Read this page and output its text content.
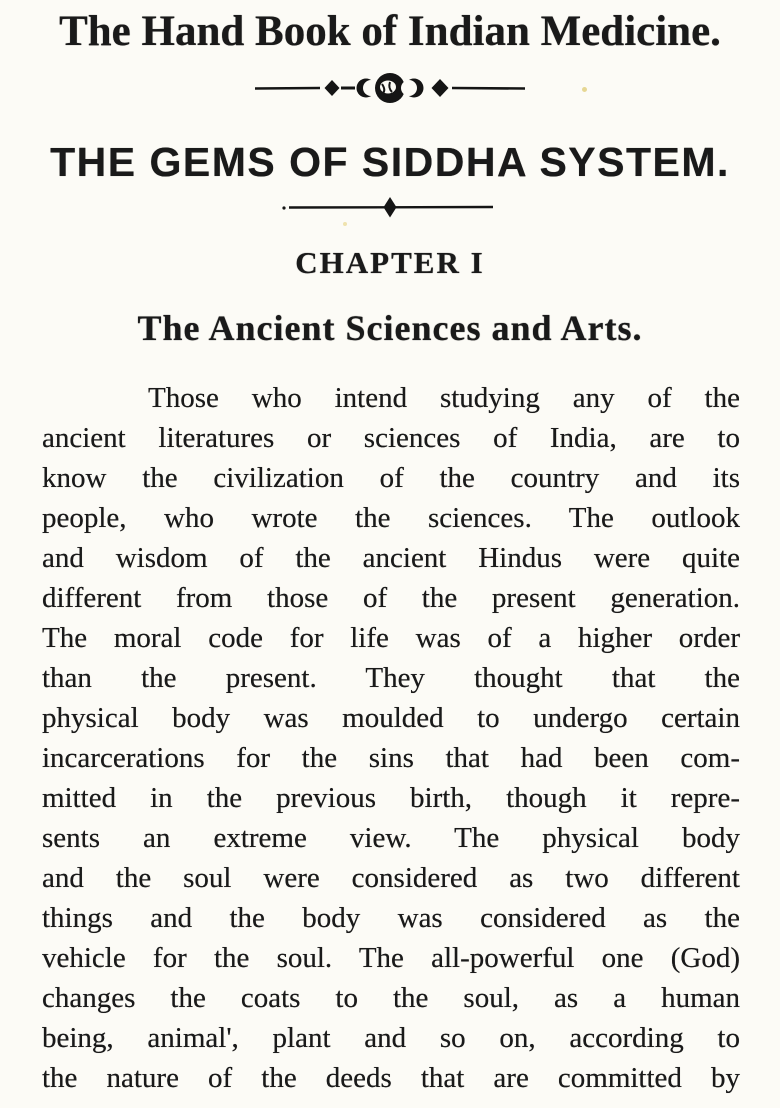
The Hand Book of Indian Medicine.
THE GEMS OF SIDDHA SYSTEM.
CHAPTER I
The Ancient Sciences and Arts.
Those who intend studying any of the
ancient literatures or sciences of India, are to
know the civilization of the country and its
people, who wrote the sciences. The outlook
and wisdom of the ancient Hindus were quite
different from those of the present generation.
The moral code for life was of a higher order
than the present. They thought that the
physical body was moulded to undergo certain
incarcerations for the sins that had been com-
mitted in the previous birth, though it repre-
sents an extreme view. The physical body
and the soul were considered as two different
things and the body was considered as the
vehicle for the soul. The all-powerful one (God)
changes the coats to the soul, as a human
being, animal', plant and so on, according to
the nature of the deeds that are committed by
